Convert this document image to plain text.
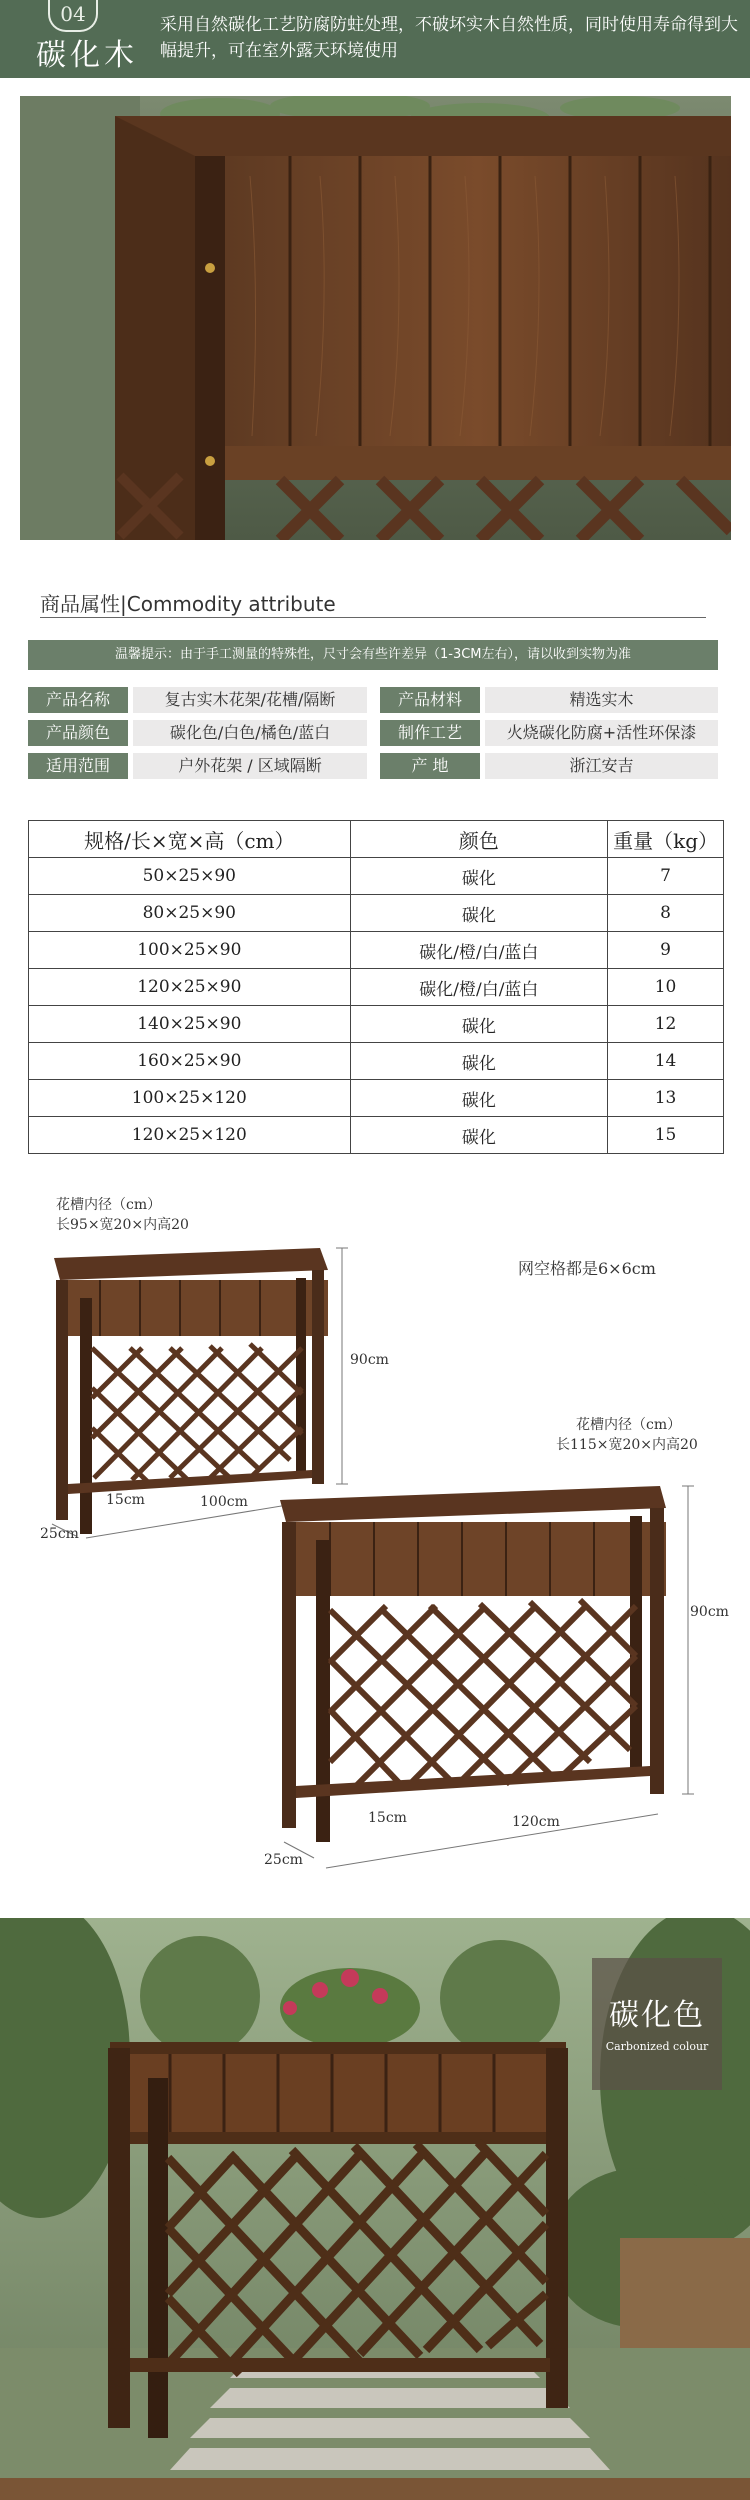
04
碳化木
采用自然碳化工艺防腐防蛀处理，不破坏实木自然性质，同时使用寿命得到大幅提升，可在室外露天环境使用
商品属性|Commodity attribute
温馨提示：由于手工测量的特殊性，尺寸会有些许差异（1-3CM左右），请以收到实物为准
产品名称	复古实木花架/花槽/隔断	产品材料	精选实木
产品颜色	碳化色/白色/橘色/蓝白	制作工艺	火烧碳化防腐+活性环保漆
适用范围	户外花架 / 区域隔断	产 地	浙江安吉
规格/长×宽×高（cm）	颜色	重量（kg）
50×25×90	碳化	7
80×25×90	碳化	8
100×25×90	碳化/橙/白/蓝白	9
120×25×90	碳化/橙/白/蓝白	10
140×25×90	碳化	12
160×25×90	碳化	14
100×25×120	碳化	13
120×25×120	碳化	15
花槽内径（cm）
长95×宽20×内高20
网空格都是6×6cm
90cm
15cm	100cm
25cm
花槽内径（cm）
长115×宽20×内高20
90cm
15cm	120cm
25cm
碳化色
Carbonized colour
